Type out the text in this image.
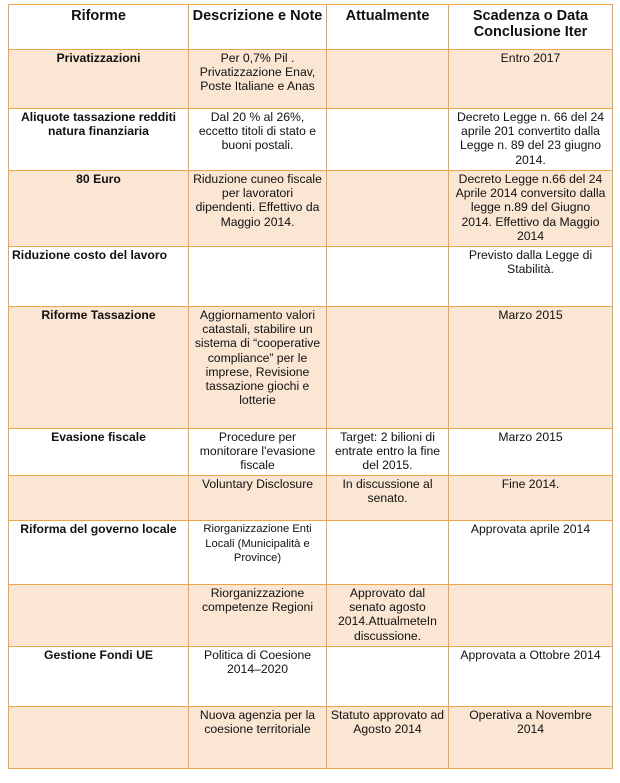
Riforme	Descrizione e Note	Attualmente	Scadenza o Data Conclusione Iter
Privatizzazioni	Per 0,7% Pil . Privatizzazione Enav, Poste Italiane e Anas		Entro 2017
Aliquote tassazione redditi natura finanziaria	Dal 20 % al 26%, eccetto titoli di stato e buoni postali.		Decreto Legge n. 66 del 24 aprile 201 convertito dalla Legge n. 89 del 23 giugno 2014.
80 Euro	Riduzione cuneo fiscale per lavoratori dipendenti. Effettivo da Maggio 2014.		Decreto Legge n.66 del 24 Aprile 2014 conversito dalla legge n.89 del Giugno 2014. Effettivo da Maggio 2014
Riduzione costo del lavoro			Previsto dalla Legge di Stabilità.
Riforme Tassazione	Aggiornamento valori catastali, stabilire un sistema di “cooperative compliance” per le imprese, Revisione tassazione giochi e lotterie		Marzo 2015
Evasione fiscale	Procedure per monitorare l'evasione fiscale	Target: 2 bilioni di entrate entro la fine del 2015.	Marzo 2015
	Voluntary Disclosure	In discussione al senato.	Fine 2014.
Riforma del governo locale	Riorganizzazione Enti Locali (Municipalità e Province)		Approvata aprile 2014
	Riorganizzazione competenze Regioni	Approvato dal senato agosto 2014.AttualmeteIn discussione.	
Gestione Fondi UE	Politica di Coesione 2014–2020		Approvata a Ottobre 2014
	Nuova agenzia per la coesione territoriale	Statuto approvato ad Agosto 2014	Operativa a Novembre 2014
